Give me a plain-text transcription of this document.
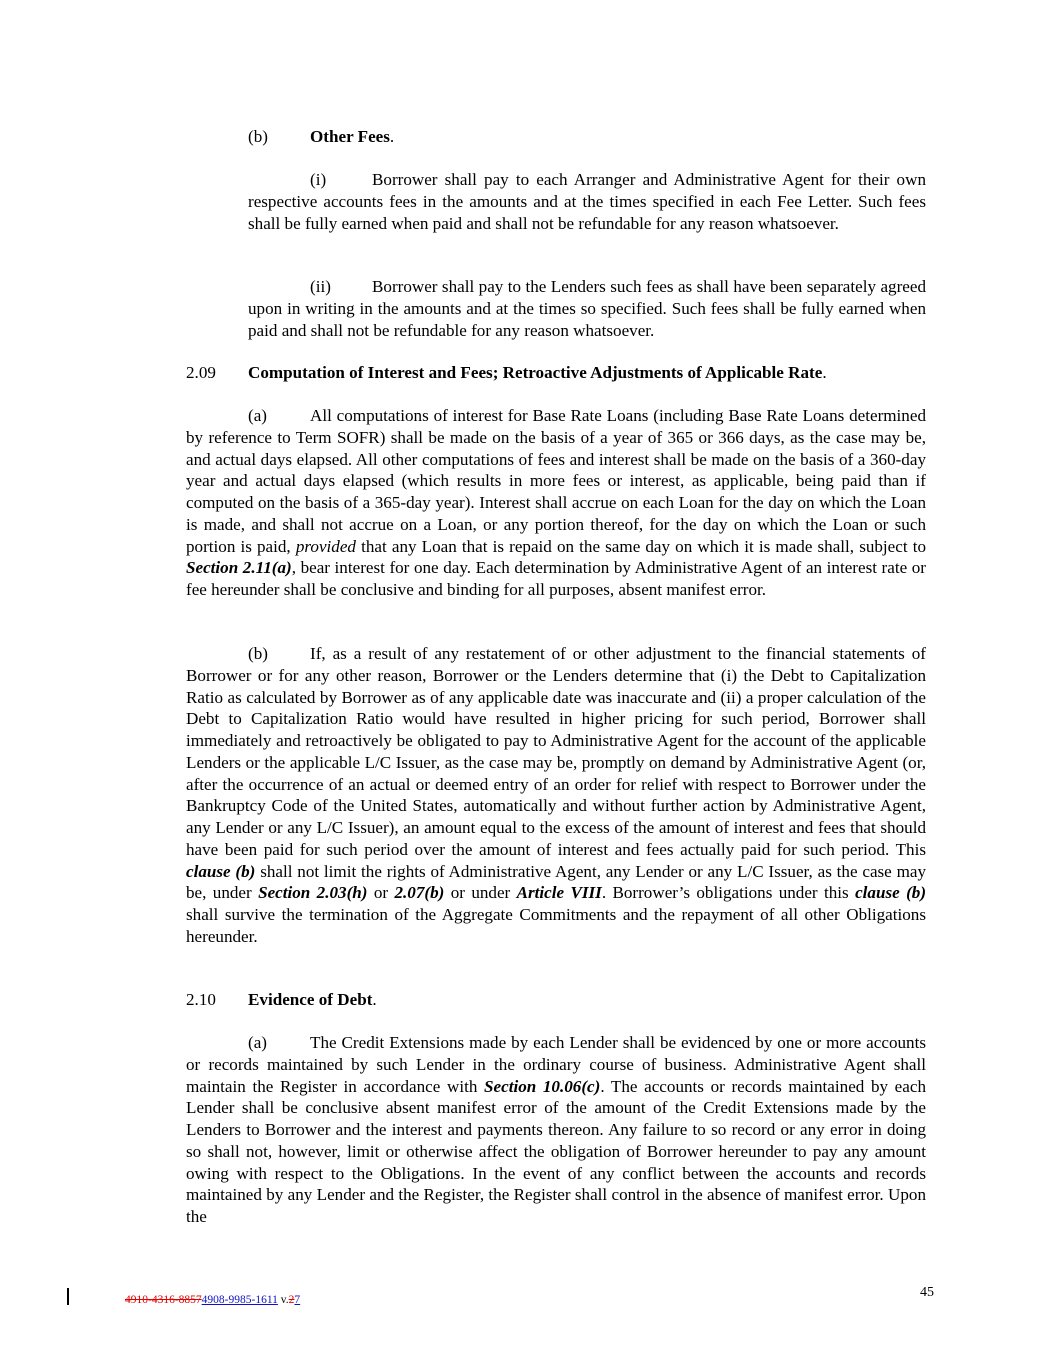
(b) Other Fees.

(i)	Borrower shall pay to each Arranger and Administrative Agent for their own respective accounts fees in the amounts and at the times specified in each Fee Letter. Such fees shall be fully earned when paid and shall not be refundable for any reason whatsoever.

(ii) Borrower shall pay to the Lenders such fees as shall have been separately agreed upon in writing in the amounts and at the times so specified. Such fees shall be fully earned when paid and shall not be refundable for any reason whatsoever.

2.09 Computation of Interest and Fees; Retroactive Adjustments of Applicable Rate.

(a)	All computations of interest for Base Rate Loans (including Base Rate Loans determined by reference to Term SOFR) shall be made on the basis of a year of 365 or 366 days, as the case may be, and actual days elapsed. All other computations of fees and interest shall be made on the basis of a 360-day year and actual days elapsed (which results in more fees or interest, as applicable, being paid than if computed on the basis of a 365-day year). Interest shall accrue on each Loan for the day on which the Loan is made, and shall not accrue on a Loan, or any portion thereof, for the day on which the Loan or such portion is paid, provided that any Loan that is repaid on the same day on which it is made shall, subject to Section 2.11(a), bear interest for one day. Each determination by Administrative Agent of an interest rate or fee hereunder shall be conclusive and binding for all purposes, absent manifest error.

(b) If, as a result of any restatement of or other adjustment to the financial statements of Borrower or for any other reason, Borrower or the Lenders determine that (i) the Debt to Capitalization Ratio as calculated by Borrower as of any applicable date was inaccurate and (ii) a proper calculation of the Debt to Capitalization Ratio would have resulted in higher pricing for such period, Borrower shall immediately and retroactively be obligated to pay to Administrative Agent for the account of the applicable Lenders or the applicable L/C Issuer, as the case may be, promptly on demand by Administrative Agent (or, after the occurrence of an actual or deemed entry of an order for relief with respect to Borrower under the Bankruptcy Code of the United States, automatically and without further action by Administrative Agent, any Lender or any L/C Issuer), an amount equal to the excess of the amount of interest and fees that should have been paid for such period over the amount of interest and fees actually paid for such period. This clause (b) shall not limit the rights of Administrative Agent, any Lender or any L/C Issuer, as the case may be, under Section 2.03(h) or 2.07(b) or under Article VIII. Borrower’s obligations under this clause (b) shall survive the termination of the Aggregate Commitments and the repayment of all other Obligations hereunder.

2.10 Evidence of Debt.

(a)	The Credit Extensions made by each Lender shall be evidenced by one or more accounts or records maintained by such Lender in the ordinary course of business. Administrative Agent shall maintain the Register in accordance with Section 10.06(c). The accounts or records maintained by each Lender shall be conclusive absent manifest error of the amount of the Credit Extensions made by the Lenders to Borrower and the interest and payments thereon. Any failure to so record or any error in doing so shall not, however, limit or otherwise affect the obligation of Borrower hereunder to pay any amount owing with respect to the Obligations. In the event of any conflict between the accounts and records maintained by any Lender and the Register, the Register shall control in the absence of manifest error. Upon the

4910-4316-88574908-9985-1611 v.27	45
